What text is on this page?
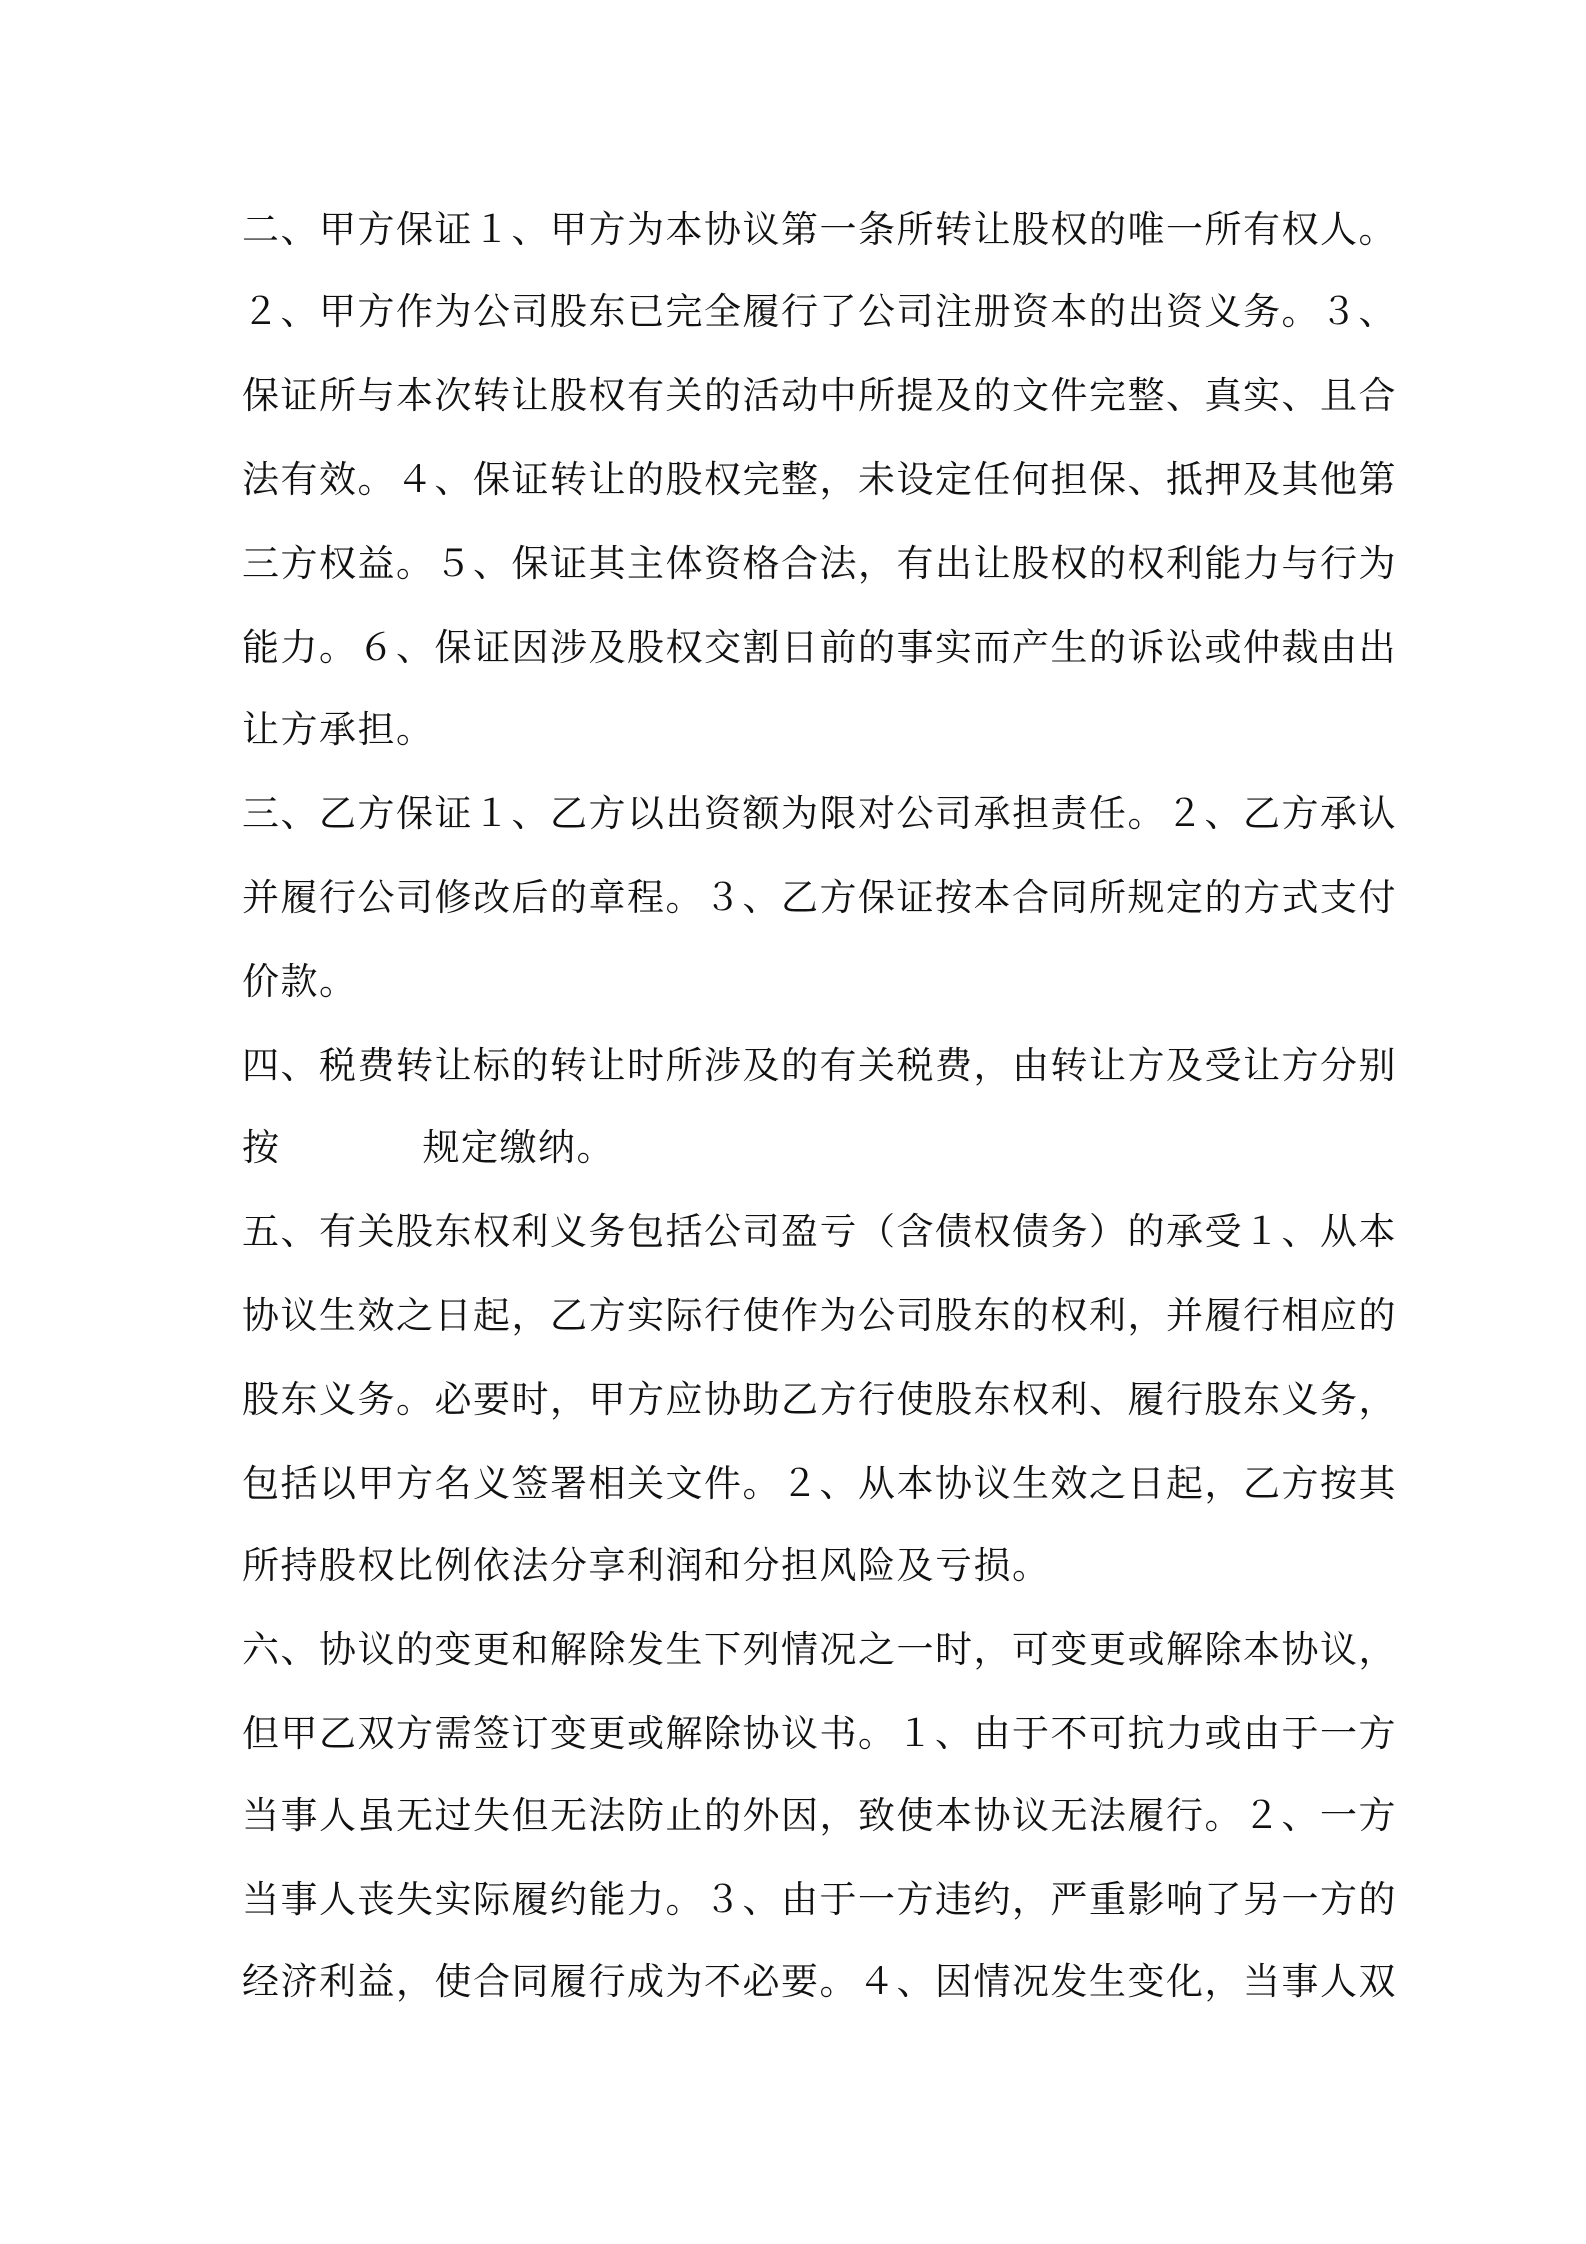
二、甲方保证１、甲方为本协议第一条所转让股权的唯一所有权人。
２、甲方作为公司股东已完全履行了公司注册资本的出资义务。３、
保证所与本次转让股权有关的活动中所提及的文件完整、真实、且合
法有效。４、保证转让的股权完整，未设定任何担保、抵押及其他第
三方权益。５、保证其主体资格合法，有出让股权的权利能力与行为
能力。６、保证因涉及股权交割日前的事实而产生的诉讼或仲裁由出
让方承担。
三、乙方保证１、乙方以出资额为限对公司承担责任。２、乙方承认
并履行公司修改后的章程。３、乙方保证按本合同所规定的方式支付
价款。
四、税费转让标的转让时所涉及的有关税费，由转让方及受让方分别
按	规定缴纳。
五、有关股东权利义务包括公司盈亏（含债权债务）的承受１、从本
协议生效之日起，乙方实际行使作为公司股东的权利，并履行相应的
股东义务。必要时，甲方应协助乙方行使股东权利、履行股东义务，
包括以甲方名义签署相关文件。２、从本协议生效之日起，乙方按其
所持股权比例依法分享利润和分担风险及亏损。
六、协议的变更和解除发生下列情况之一时，可变更或解除本协议，
但甲乙双方需签订变更或解除协议书。１、由于不可抗力或由于一方
当事人虽无过失但无法防止的外因，致使本协议无法履行。２、一方
当事人丧失实际履约能力。３、由于一方违约，严重影响了另一方的
经济利益，使合同履行成为不必要。４、因情况发生变化，当事人双
